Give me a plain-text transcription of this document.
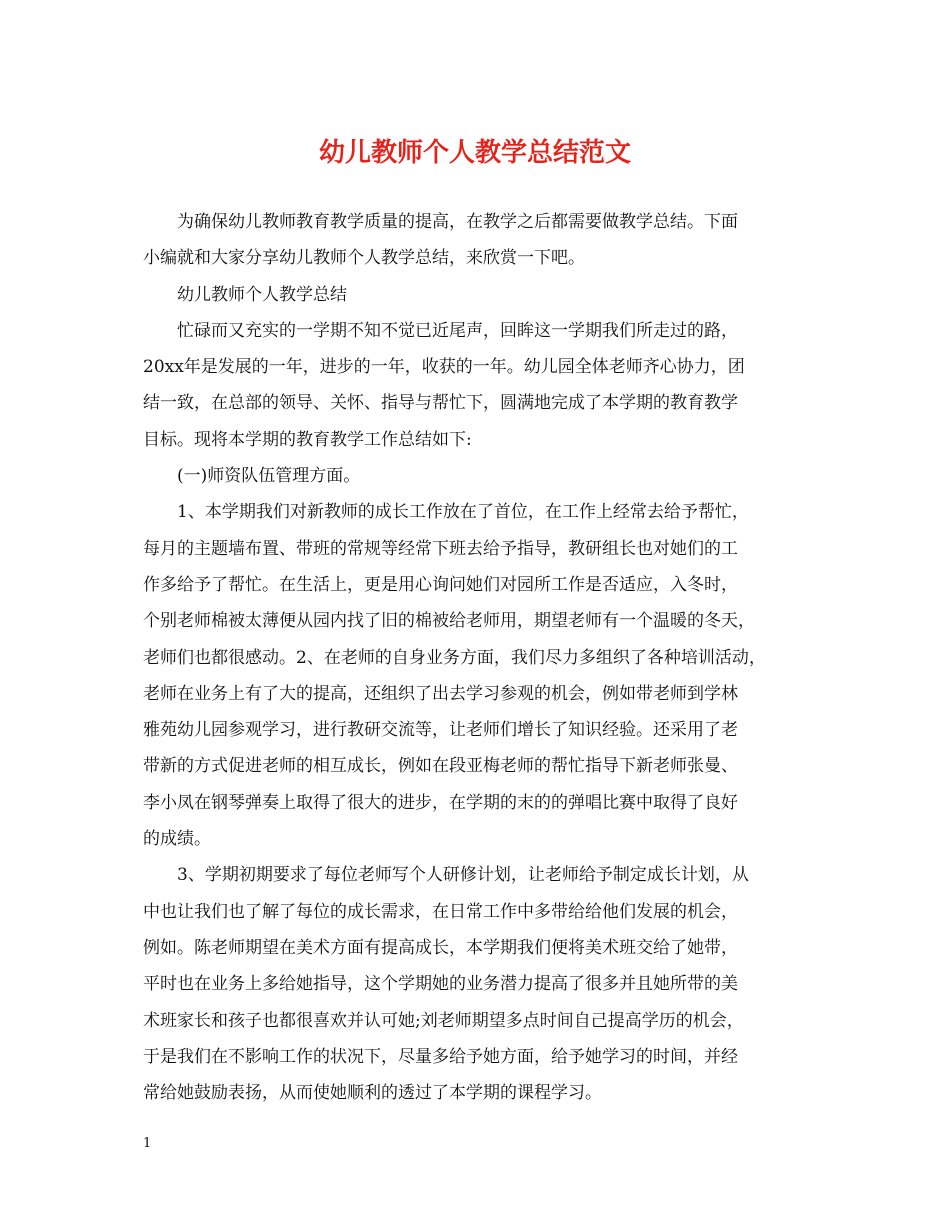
幼儿教师个人教学总结范文
为确保幼儿教师教育教学质量的提高，在教学之后都需要做教学总结。下面
小编就和大家分享幼儿教师个人教学总结，来欣赏一下吧。
幼儿教师个人教学总结
忙碌而又充实的一学期不知不觉已近尾声，回眸这一学期我们所走过的路，
20xx年是发展的一年，进步的一年，收获的一年。幼儿园全体老师齐心协力，团
结一致，在总部的领导、关怀、指导与帮忙下，圆满地完成了本学期的教育教学
目标。现将本学期的教育教学工作总结如下:
(一)师资队伍管理方面。
1、本学期我们对新教师的成长工作放在了首位，在工作上经常去给予帮忙，
每月的主题墙布置、带班的常规等经常下班去给予指导，教研组长也对她们的工
作多给予了帮忙。在生活上，更是用心询问她们对园所工作是否适应，入冬时，
个别老师棉被太薄便从园内找了旧的棉被给老师用，期望老师有一个温暖的冬天，
老师们也都很感动。2、在老师的自身业务方面，我们尽力多组织了各种培训活动，
老师在业务上有了大的提高，还组织了出去学习参观的机会，例如带老师到学林
雅苑幼儿园参观学习，进行教研交流等，让老师们增长了知识经验。还采用了老
带新的方式促进老师的相互成长，例如在段亚梅老师的帮忙指导下新老师张曼、
李小凤在钢琴弹奏上取得了很大的进步，在学期的末的的弹唱比赛中取得了良好
的成绩。
3、学期初期要求了每位老师写个人研修计划，让老师给予制定成长计划，从
中也让我们也了解了每位的成长需求，在日常工作中多带给给他们发展的机会，
例如。陈老师期望在美术方面有提高成长，本学期我们便将美术班交给了她带，
平时也在业务上多给她指导，这个学期她的业务潜力提高了很多并且她所带的美
术班家长和孩子也都很喜欢并认可她;刘老师期望多点时间自己提高学历的机会，
于是我们在不影响工作的状况下，尽量多给予她方面，给予她学习的时间，并经
常给她鼓励表扬，从而使她顺利的透过了本学期的课程学习。
1
